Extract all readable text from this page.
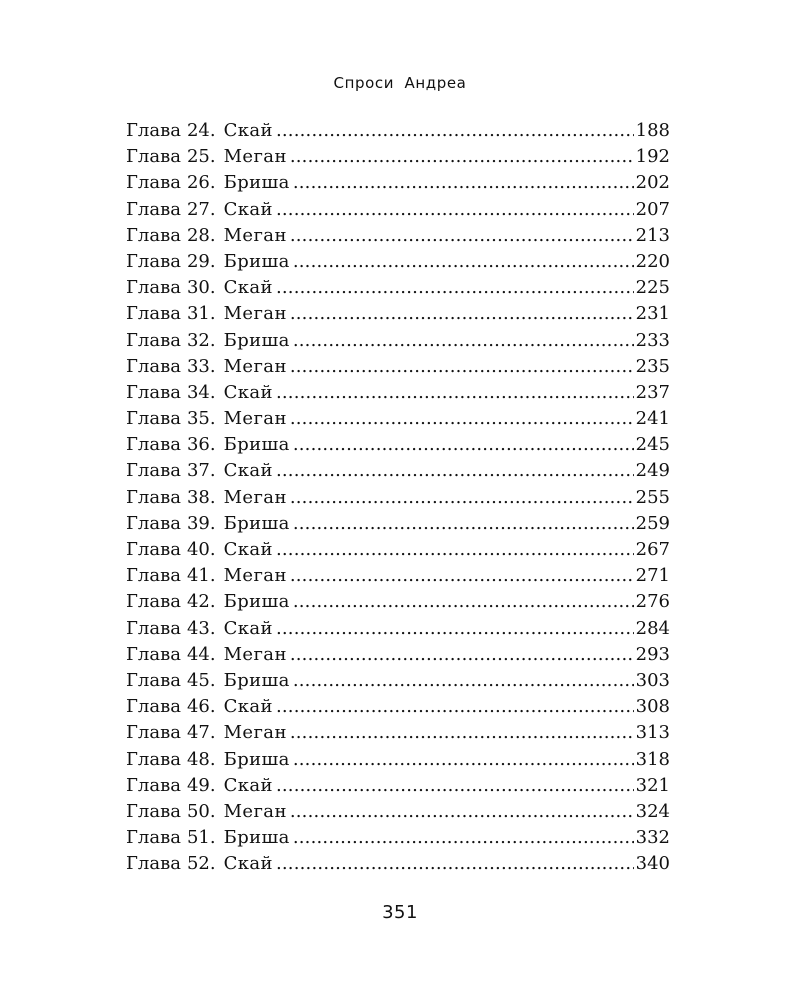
Спроси Андреа
Глава 24. Скай .....	188
Глава 25. Меган .....	192
Глава 26. Бриша .....	202
Глава 27. Скай .....	207
Глава 28. Меган .....	213
Глава 29. Бриша .....	220
Глава 30. Скай .....	225
Глава 31. Меган .....	231
Глава 32. Бриша .....	233
Глава 33. Меган .....	235
Глава 34. Скай .....	237
Глава 35. Меган .....	241
Глава 36. Бриша .....	245
Глава 37. Скай .....	249
Глава 38. Меган .....	255
Глава 39. Бриша .....	259
Глава 40. Скай .....	267
Глава 41. Меган .....	271
Глава 42. Бриша .....	276
Глава 43. Скай .....	284
Глава 44. Меган .....	293
Глава 45. Бриша .....	303
Глава 46. Скай .....	308
Глава 47. Меган .....	313
Глава 48. Бриша .....	318
Глава 49. Скай .....	321
Глава 50. Меган .....	324
Глава 51. Бриша .....	332
Глава 52. Скай .....	340
351
